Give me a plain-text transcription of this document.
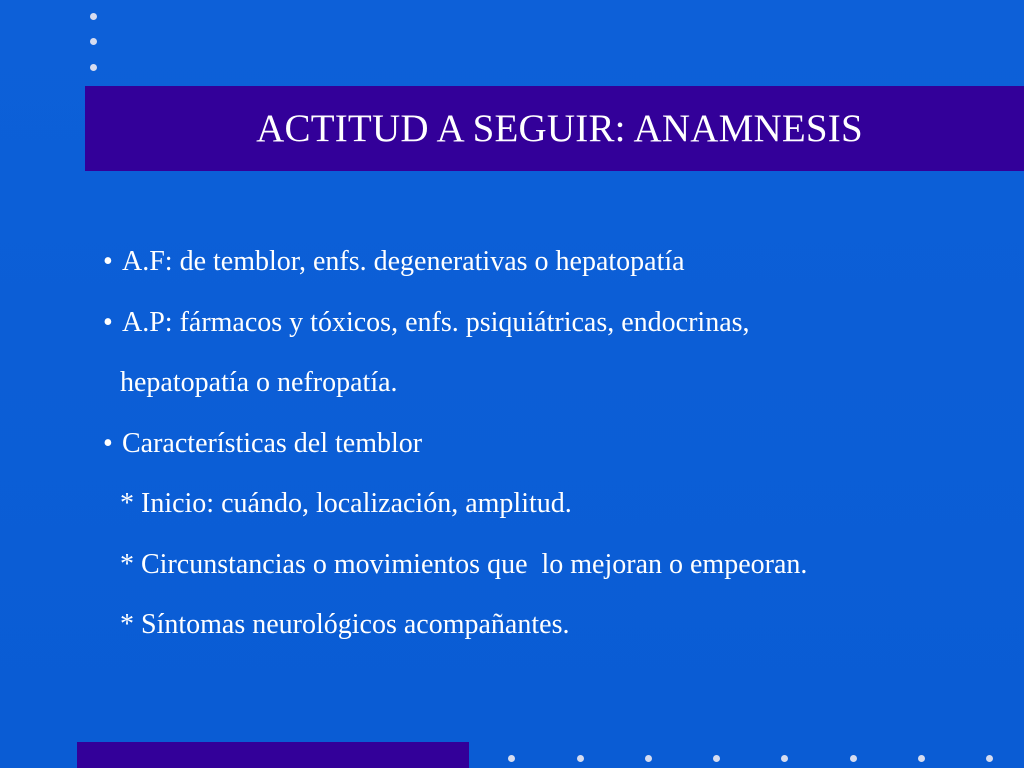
ACTITUD A SEGUIR: ANAMNESIS
• A.F: de temblor, enfs. degenerativas o hepatopatía
• A.P: fármacos y tóxicos, enfs. psiquiátricas, endocrinas,
hepatopatía o nefropatía.
• Características del temblor
* Inicio: cuándo, localización, amplitud.
* Circunstancias o movimientos que  lo mejoran o empeoran.
* Síntomas neurológicos acompañantes.
